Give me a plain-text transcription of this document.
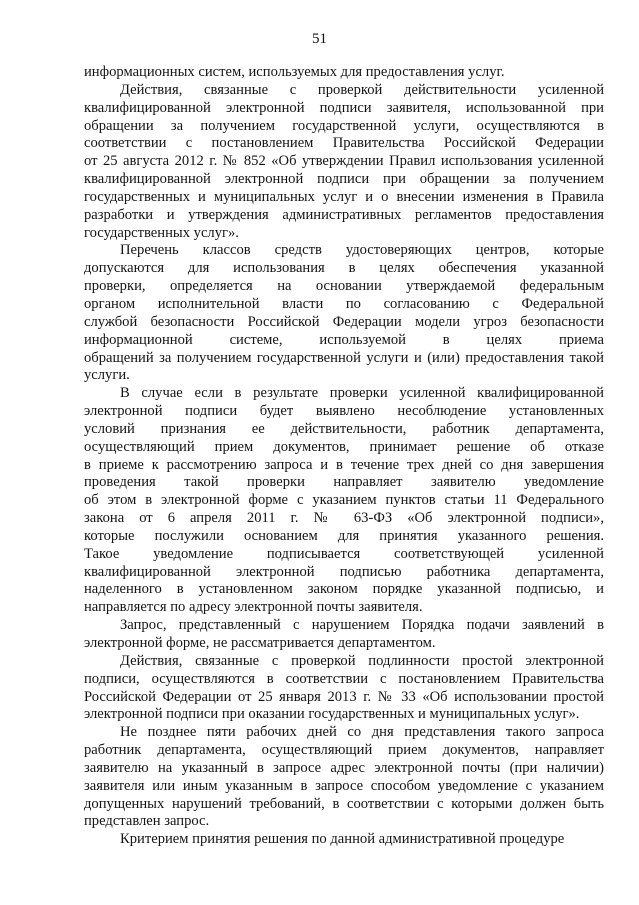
51
информационных систем, используемых для предоставления услуг.
Действия, связанные с проверкой действительности усиленной
квалифицированной электронной подписи заявителя, использованной при
обращении за получением государственной услуги, осуществляются в
соответствии с постановлением Правительства Российской Федерации
от 25 августа 2012 г. № 852 «Об утверждении Правил использования усиленной
квалифицированной электронной подписи при обращении за получением
государственных и муниципальных услуг и о внесении изменения в Правила
разработки и утверждения административных регламентов предоставления
государственных услуг».
Перечень классов средств удостоверяющих центров, которые
допускаются для использования в целях обеспечения указанной
проверки, определяется на основании утверждаемой федеральным
органом исполнительной власти по согласованию с Федеральной
службой безопасности Российской Федерации модели угроз безопасности
информационной системе, используемой в целях приема
обращений за получением государственной услуги и (или) предоставления такой
услуги.
В случае если в результате проверки усиленной квалифицированной
электронной подписи будет выявлено несоблюдение установленных
условий признания ее действительности, работник департамента,
осуществляющий прием документов, принимает решение об отказе
в приеме к рассмотрению запроса и в течение трех дней со дня завершения
проведения такой проверки направляет заявителю уведомление
об этом в электронной форме с указанием пунктов статьи 11 Федерального
закона от 6 апреля 2011 г. № 63-ФЗ «Об электронной подписи»,
которые послужили основанием для принятия указанного решения.
Такое уведомление подписывается соответствующей усиленной
квалифицированной электронной подписью работника департамента,
наделенного в установленном законом порядке указанной подписью, и
направляется по адресу электронной почты заявителя.
Запрос, представленный с нарушением Порядка подачи заявлений в
электронной форме, не рассматривается департаментом.
Действия, связанные с проверкой подлинности простой электронной
подписи, осуществляются в соответствии с постановлением Правительства
Российской Федерации от 25 января 2013 г. № 33 «Об использовании простой
электронной подписи при оказании государственных и муниципальных услуг».
Не позднее пяти рабочих дней со дня представления такого запроса
работник департамента, осуществляющий прием документов, направляет
заявителю на указанный в запросе адрес электронной почты (при наличии)
заявителя или иным указанным в запросе способом уведомление с указанием
допущенных нарушений требований, в соответствии с которыми должен быть
представлен запрос.
Критерием принятия решения по данной административной процедуре
